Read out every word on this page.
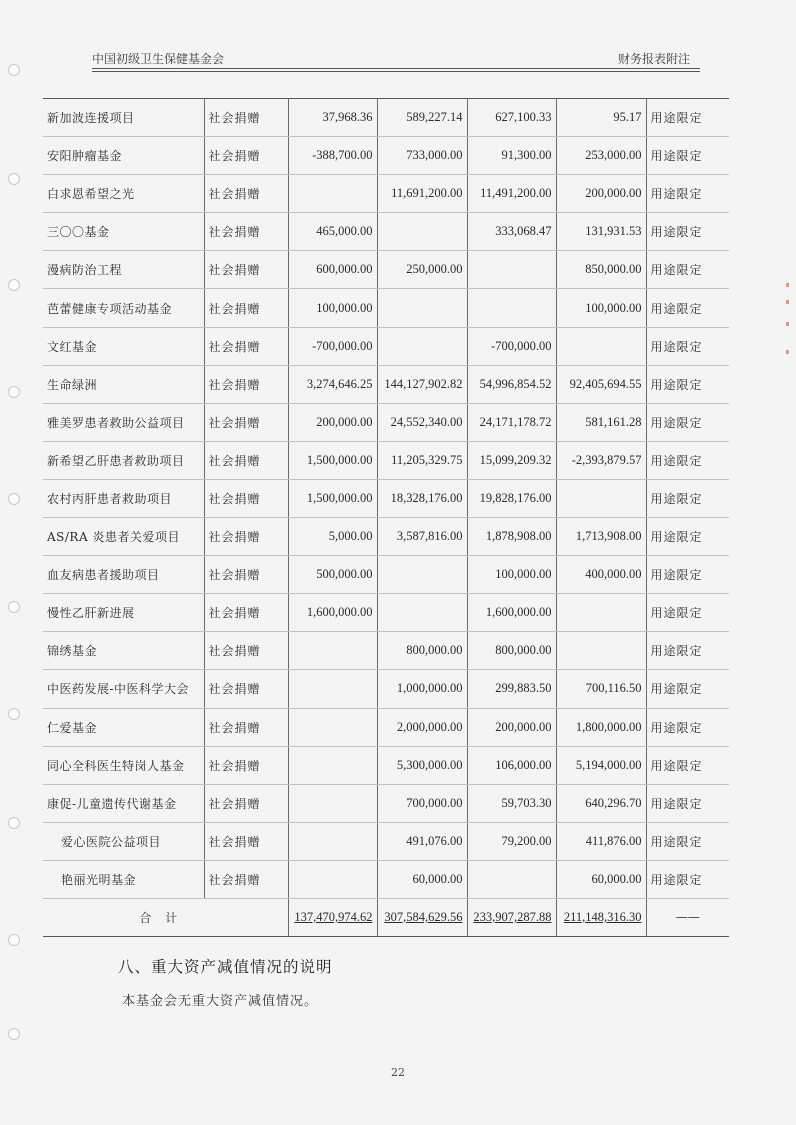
中国初级卫生保健基金会	财务报表附注
新加波连援项目	社会捐赠	37,968.36	589,227.14	627,100.33	95.17	用途限定
安阳肿瘤基金	社会捐赠	-388,700.00	733,000.00	91,300.00	253,000.00	用途限定
白求恩希望之光	社会捐赠		11,691,200.00	11,491,200.00	200,000.00	用途限定
三〇〇基金	社会捐赠	465,000.00		333,068.47	131,931.53	用途限定
漫病防治工程	社会捐赠	600,000.00	250,000.00		850,000.00	用途限定
芭蕾健康专项活动基金	社会捐赠	100,000.00			100,000.00	用途限定
文红基金	社会捐赠	-700,000.00		-700,000.00		用途限定
生命绿洲	社会捐赠	3,274,646.25	144,127,902.82	54,996,854.52	92,405,694.55	用途限定
雅美罗患者救助公益项目	社会捐赠	200,000.00	24,552,340.00	24,171,178.72	581,161.28	用途限定
新希望乙肝患者救助项目	社会捐赠	1,500,000.00	11,205,329.75	15,099,209.32	-2,393,879.57	用途限定
农村丙肝患者救助项目	社会捐赠	1,500,000.00	18,328,176.00	19,828,176.00		用途限定
AS/RA 炎患者关爱项目	社会捐赠	5,000.00	3,587,816.00	1,878,908.00	1,713,908.00	用途限定
血友病患者援助项目	社会捐赠	500,000.00		100,000.00	400,000.00	用途限定
慢性乙肝新进展	社会捐赠	1,600,000.00		1,600,000.00		用途限定
锦绣基金	社会捐赠		800,000.00	800,000.00		用途限定
中医药发展-中医科学大会	社会捐赠		1,000,000.00	299,883.50	700,116.50	用途限定
仁爱基金	社会捐赠		2,000,000.00	200,000.00	1,800,000.00	用途限定
同心全科医生特岗人基金	社会捐赠		5,300,000.00	106,000.00	5,194,000.00	用途限定
康促-儿童遗传代谢基金	社会捐赠		700,000.00	59,703.30	640,296.70	用途限定
爱心医院公益项目	社会捐赠		491,076.00	79,200.00	411,876.00	用途限定
艳丽光明基金	社会捐赠		60,000.00		60,000.00	用途限定
合计		137,470,974.62	307,584,629.56	233,907,287.88	211,148,316.30	——
八、重大资产减值情况的说明
本基金会无重大资产减值情况。
22
